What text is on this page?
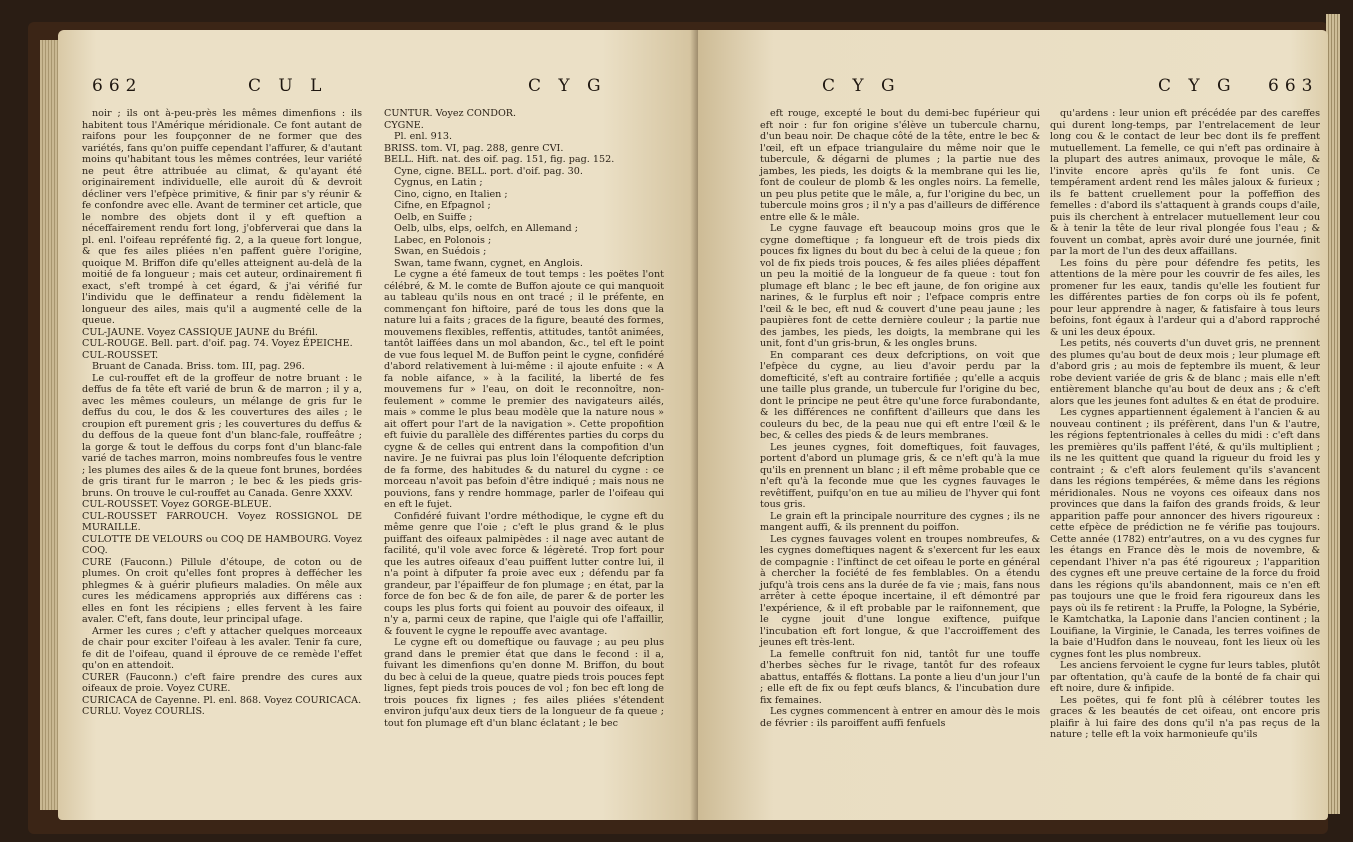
662	C U L	C Y G

noir ; ils ont à-peu-près les mêmes dimenfions : ils habitent tous l'Amérique méridionale. Ce font autant de raifons pour les foupçonner de ne former que des variétés, fans qu'on puiffe cependant l'affurer, & d'autant moins qu'habitant tous les mêmes contrées, leur variété ne peut être attribuée au climat, & qu'ayant été originairement individuelle, elle auroit dû & devroit décliner vers l'efpèce primitive, & finir par s'y réunir & fe confondre avec elle. Avant de terminer cet article, que le nombre des objets dont il y eft queftion a néceffairement rendu fort long, j'obferverai que dans la pl. enl. l'oifeau repréfenté fig. 2, a la queue fort longue, & que fes ailes pliées n'en paffent guère l'origine, quoique M. Briffon dife qu'elles atteignent au-delà de la moitié de fa longueur ; mais cet auteur, ordinairement fi exact, s'eft trompé à cet égard, & j'ai vérifié fur l'individu que le deffinateur a rendu fidèlement la longueur des ailes, mais qu'il a augmenté celle de la queue.

CUL-JAUNE. Voyez CASSIQUE JAUNE du Bréfil.

CUL-ROUGE. Bell. part. d'oif. pag. 74. Voyez ÉPEICHE.

CUL-ROUSSET.

Bruant de Canada. Briss. tom. III, pag. 296.

Le cul-rouffet eft de la groffeur de notre bruant : le deffus de fa tête eft varié de brun & de marron ; il y a, avec les mêmes couleurs, un mélange de gris fur le deffus du cou, le dos & les couvertures des ailes ; le croupion eft purement gris ; les couvertures du deffus & du deffous de la queue font d'un blanc-fale, rouffeâtre ; la gorge & tout le deffous du corps font d'un blanc-fale varié de taches marron, moins nombreufes fous le ventre ; les plumes des ailes & de la queue font brunes, bordées de gris tirant fur le marron ; le bec & les pieds gris-bruns. On trouve le cul-rouffet au Canada. Genre XXXV.

CUL-ROUSSET. Voyez GORGE-BLEUE.

CUL-ROUSSET FARROUCH. Voyez ROSSIGNOL DE MURAILLE.

CULOTTE DE VELOURS ou COQ DE HAMBOURG. Voyez COQ.

CURE (Fauconn.) Pillule d'étoupe, de coton ou de plumes. On croit qu'elles font propres à deffécher les phlegmes & à guérir plufieurs maladies. On mêle aux cures les médicamens appropriés aux différens cas : elles en font les récipiens ; elles fervent à les faire avaler. C'eft, fans doute, leur principal ufage.

Armer les cures ; c'eft y attacher quelques morceaux de chair pour exciter l'oifeau à les avaler. Tenir fa cure, fe dit de l'oifeau, quand il éprouve de ce remède l'effet qu'on en attendoit.

CURER (Fauconn.) c'eft faire prendre des cures aux oifeaux de proie. Voyez CURE.

CURICACA de Cayenne. Pl. enl. 868. Voyez COURICACA.

CURLU. Voyez COURLIS.

CUNTUR. Voyez CONDOR.

CYGNE.

Pl. enl. 913.

BRISS. tom. VI, pag. 288, genre CVI.

BELL. Hift. nat. des oif. pag. 151, fig. pag. 152.

Cyne, cigne. BELL. port. d'oif. pag. 30.

Cygnus, en Latin ;

Cino, cigno, en Italien ;

Cifne, en Efpagnol ;

Oelb, en Suiffe ;

Oelb, ulbs, elps, oelfch, en Allemand ;

Labec, en Polonois ;

Swan, en Suédois ;

Swan, tame fwann, cygnet, en Anglois.

Le cygne a été fameux de tout temps : les poëtes l'ont célébré, & M. le comte de Buffon ajoute ce qui manquoit au tableau qu'ils nous en ont tracé ; il le préfente, en commençant fon hiftoire, paré de tous les dons que la nature lui a faits ; graces de la figure, beauté des formes, mouvemens flexibles, reffentis, attitudes, tantôt animées, tantôt laiffées dans un mol abandon, &c., tel eft le point de vue fous lequel M. de Buffon peint le cygne, confidéré d'abord relativement à lui-même : il ajoute enfuite : « A fa noble aifance, » à la facilité, la liberté de fes mouvemens fur » l'eau, on doit le reconnoître, non-feulement » comme le premier des navigateurs ailés, mais » comme le plus beau modèle que la nature nous » ait offert pour l'art de la navigation ». Cette propofition eft fuivie du parallèle des différentes parties du corps du cygne & de celles qui entrent dans la compofition d'un navire. Je ne fuivrai pas plus loin l'éloquente defcription de fa forme, des habitudes & du naturel du cygne : ce morceau n'avoit pas befoin d'être indiqué ; mais nous ne pouvions, fans y rendre hommage, parler de l'oifeau qui en eft le fujet.

Confidéré fuivant l'ordre méthodique, le cygne eft du même genre que l'oie ; c'eft le plus grand & le plus puiffant des oifeaux palmipèdes : il nage avec autant de facilité, qu'il vole avec force & légèreté. Trop fort pour que les autres oifeaux d'eau puiffent lutter contre lui, il n'a point à difputer fa proie avec eux ; défendu par fa grandeur, par l'épaiffeur de fon plumage ; en état, par la force de fon bec & de fon aile, de parer & de porter les coups les plus forts qui foient au pouvoir des oifeaux, il n'y a, parmi ceux de rapine, que l'aigle qui ofe l'affaillir, & fouvent le cygne le repouffe avec avantage.

Le cygne eft ou domeftique ou fauvage ; au peu plus grand dans le premier état que dans le fecond : il a, fuivant les dimenfions qu'en donne M. Briffon, du bout du bec à celui de la queue, quatre pieds trois pouces fept lignes, fept pieds trois pouces de vol ; fon bec eft long de trois pouces fix lignes ; fes ailes pliées s'étendent environ jufqu'aux deux tiers de la longueur de fa queue ; tout fon plumage eft d'un blanc éclatant ; le bec

C Y G	C Y G 663

eft rouge, excepté le bout du demi-bec fupérieur qui eft noir : fur fon origine s'élève un tubercule charnu, d'un beau noir. De chaque côté de la tête, entre le bec & l'œil, eft un efpace triangulaire du même noir que le tubercule, & dégarni de plumes ; la partie nue des jambes, les pieds, les doigts & la membrane qui les lie, font de couleur de plomb & les ongles noirs. La femelle, un peu plus petite que le mâle, a, fur l'origine du bec, un tubercule moins gros ; il n'y a pas d'ailleurs de différence entre elle & le mâle.

Le cygne fauvage eft beaucoup moins gros que le cygne domeftique ; fa longueur eft de trois pieds dix pouces fix lignes du bout du bec à celui de la queue ; fon vol de fix pieds trois pouces, & fes ailes pliées dépaffent un peu la moitié de la longueur de fa queue : tout fon plumage eft blanc ; le bec eft jaune, de fon origine aux narines, & le furplus eft noir ; l'efpace compris entre l'œil & le bec, eft nud & couvert d'une peau jaune ; les paupières font de cette dernière couleur ; la partie nue des jambes, les pieds, les doigts, la membrane qui les unit, font d'un gris-brun, & les ongles bruns.

En comparant ces deux defcriptions, on voit que l'efpèce du cygne, au lieu d'avoir perdu par la domefticité, s'eft au contraire fortifiée ; qu'elle a acquis une taille plus grande, un tubercule fur l'origine du bec, dont le principe ne peut être qu'une force furabondante, & les différences ne confiftent d'ailleurs que dans les couleurs du bec, de la peau nue qui eft entre l'œil & le bec, & celles des pieds & de leurs membranes.

Les jeunes cygnes, foit domeftiques, foit fauvages, portent d'abord un plumage gris, & ce n'eft qu'à la mue qu'ils en prennent un blanc ; il eft même probable que ce n'eft qu'à la feconde mue que les cygnes fauvages le revêtiffent, puifqu'on en tue au milieu de l'hyver qui font tous gris.

Le grain eft la principale nourriture des cygnes ; ils ne mangent auffi, & ils prennent du poiffon.

Les cygnes fauvages volent en troupes nombreufes, & les cygnes domeftiques nagent & s'exercent fur les eaux de compagnie : l'inftinct de cet oifeau le porte en général à chercher la fociété de fes femblables. On a étendu jufqu'à trois cens ans la durée de fa vie ; mais, fans nous arrêter à cette époque incertaine, il eft démontré par l'expérience, & il eft probable par le raifonnement, que le cygne jouit d'une longue exiftence, puifque l'incubation eft fort longue, & que l'accroiffement des jeunes eft très-lent.

La femelle conftruit fon nid, tantôt fur une touffe d'herbes sèches fur le rivage, tantôt fur des rofeaux abattus, entaffés & flottans. La ponte a lieu d'un jour l'un ; elle eft de fix ou fept œufs blancs, & l'incubation dure fix femaines.

Les cygnes commencent à entrer en amour dès le mois de février : ils paroiffent auffi fenfuels

qu'ardens : leur union eft précédée par des careffes qui durent long-temps, par l'entrelacement de leur long cou & le contact de leur bec dont ils fe preffent mutuellement. La femelle, ce qui n'eft pas ordinaire à la plupart des autres animaux, provoque le mâle, & l'invite encore après qu'ils fe font unis. Ce tempérament ardent rend les mâles jaloux & furieux ; ils fe battent cruellement pour la poffeffion des femelles : d'abord ils s'attaquent à grands coups d'aile, puis ils cherchent à entrelacer mutuellement leur cou & à tenir la tête de leur rival plongée fous l'eau ; & fouvent un combat, après avoir duré une journée, finit par la mort de l'un des deux affaillans.

Les foins du père pour défendre fes petits, les attentions de la mère pour les couvrir de fes ailes, les promener fur les eaux, tandis qu'elle les foutient fur les différentes parties de fon corps où ils fe pofent, pour leur apprendre à nager, & fatisfaire à tous leurs befoins, font égaux à l'ardeur qui a d'abord rapproché & uni les deux époux.

Les petits, nés couverts d'un duvet gris, ne prennent des plumes qu'au bout de deux mois ; leur plumage eft d'abord gris ; au mois de feptembre ils muent, & leur robe devient variée de gris & de blanc ; mais elle n'eft entièrement blanche qu'au bout de deux ans ; & c'eft alors que les jeunes font adultes & en état de produire.

Les cygnes appartiennent également à l'ancien & au nouveau continent ; ils préfèrent, dans l'un & l'autre, les régions feptentrionales à celles du midi : c'eft dans les premières qu'ils paffent l'été, & qu'ils multiplient ; ils ne les quittent que quand la rigueur du froid les y contraint ; & c'eft alors feulement qu'ils s'avancent dans les régions tempérées, & même dans les régions méridionales. Nous ne voyons ces oifeaux dans nos provinces que dans la faifon des grands froids, & leur apparition paffe pour annoncer des hivers rigoureux : cette efpèce de prédiction ne fe vérifie pas toujours. Cette année (1782) entr'autres, on a vu des cygnes fur les étangs en France dès le mois de novembre, & cependant l'hiver n'a pas été rigoureux ; l'apparition des cygnes eft une preuve certaine de la force du froid dans les régions qu'ils abandonnent, mais ce n'en eft pas toujours une que le froid fera rigoureux dans les pays où ils fe retirent : la Pruffe, la Pologne, la Sybérie, le Kamtchatka, la Laponie dans l'ancien continent ; la Louifiane, la Virginie, le Canada, les terres voifines de la baie d'Hudfon dans le nouveau, font les lieux où les cygnes font les plus nombreux.

Les anciens fervoient le cygne fur leurs tables, plutôt par oftentation, qu'à caufe de la bonté de fa chair qui eft noire, dure & infipide.

Les poëtes, qui fe font plû à célébrer toutes les graces & les beautés de cet oifeau, ont encore pris plaifir à lui faire des dons qu'il n'a pas reçus de la nature ; telle eft la voix harmonieufe qu'ils
